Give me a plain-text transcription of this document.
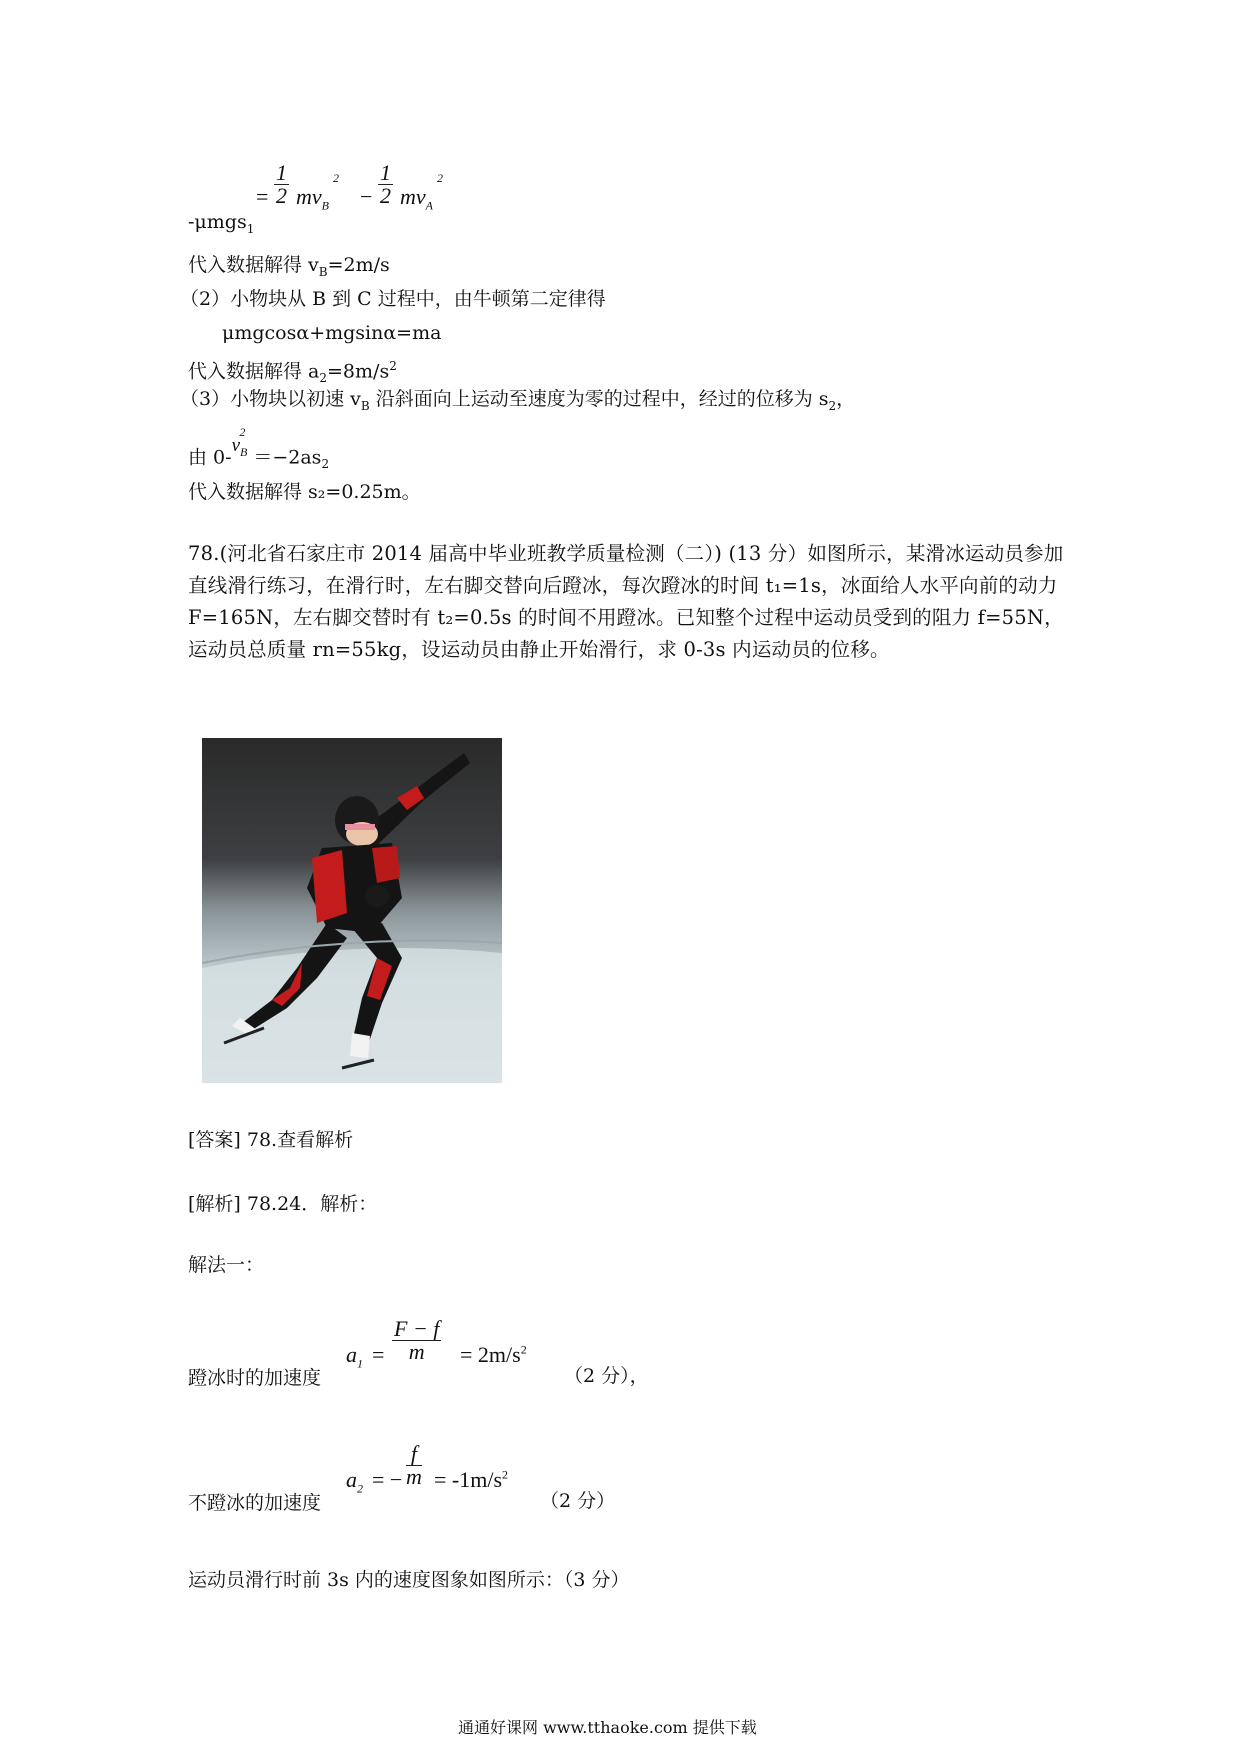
-μmgs$_1$
= $\frac{1}{2} mv_B^2$
− $\frac{1}{2} mv_A^2$
代入数据解得 $v_B=2m/s$
（2）小物块从 B 到 C 过程中，由牛顿第二定律得
μmgcosα+mgsinα=ma
代入数据解得 $a_2=8m/s^2$
（3）小物块以初速 $v_B$ 沿斜面向上运动至速度为零的过程中，经过的位移为 $s_2$，
由 $0-v_B^2=-2as_2$
代入数据解得 s₂=0.25m。
78.(河北省石家庄市 2014 届高中毕业班教学质量检测（二）) (13 分）如图所示，某滑冰运动员参加直线滑行练习，在滑行时，左右脚交替向后蹬冰，每次蹬冰的时间 t₁=1s，冰面给人水平向前的动力 F=165N，左右脚交替时有 t₂=0.5s 的时间不用蹬冰。已知整个过程中运动员受到的阻力 f=55N，运动员总质量 rn=55kg，设运动员由静止开始滑行，求 0-3s 内运动员的位移。
[答案] 78.查看解析
[解析] 78.24．解析：
解法一：
蹬冰时的加速度
$a_1 = \frac{F - f}{m} = 2m/s^2$
（2 分），
不蹬冰的加速度
$a_2$ = − $\frac{f}{m} = -1m/s^2$
（2 分）
运动员滑行时前 3s 内的速度图象如图所示：（3 分）
通通好课网 www.tthaoke.com 提供下载
